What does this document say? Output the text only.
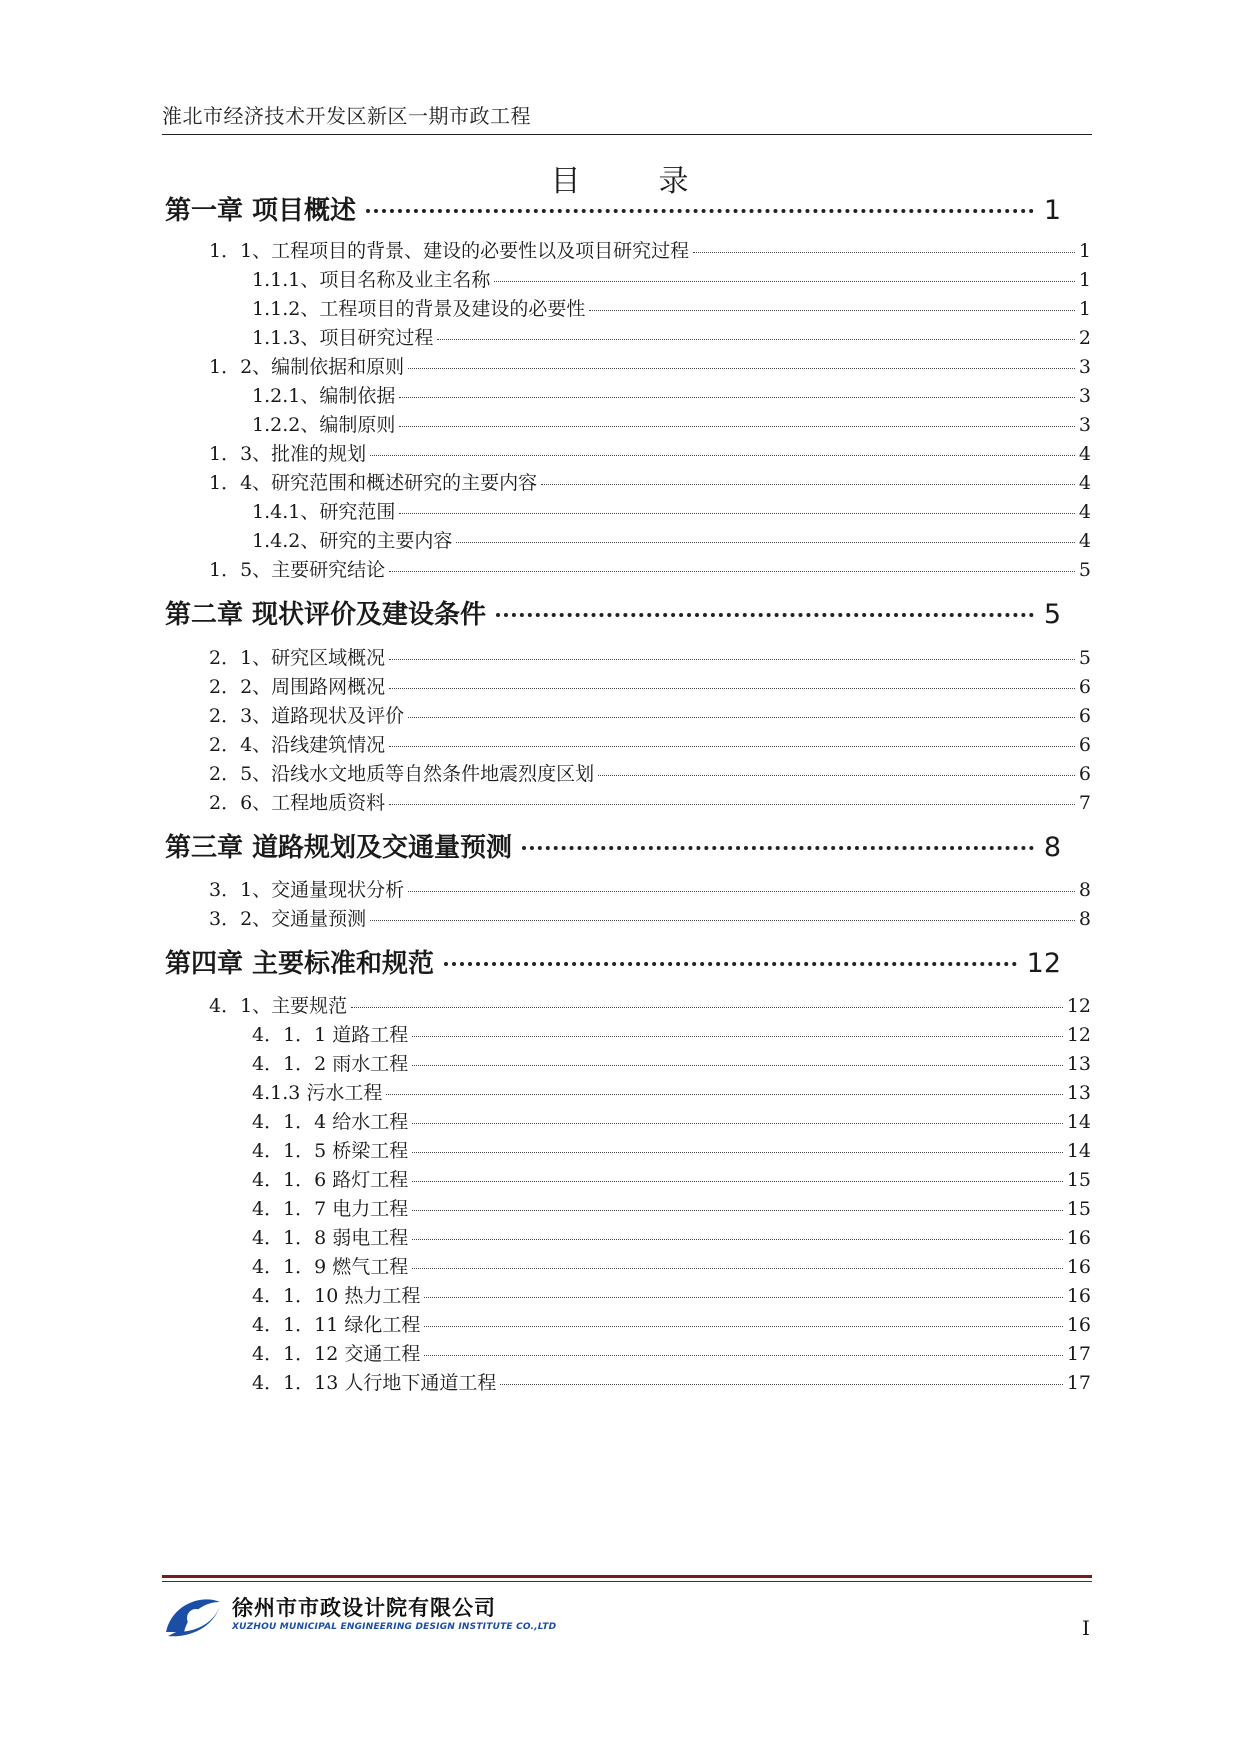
淮北市经济技术开发区新区一期市政工程
目	录
第一章 项目概述	1
1．1、工程项目的背景、建设的必要性以及项目研究过程	1
1.1.1、项目名称及业主名称	1
1.1.2、工程项目的背景及建设的必要性	1
1.1.3、项目研究过程	2
1．2、编制依据和原则	3
1.2.1、编制依据	3
1.2.2、编制原则	3
1．3、批准的规划	4
1．4、研究范围和概述研究的主要内容	4
1.4.1、研究范围	4
1.4.2、研究的主要内容	4
1．5、主要研究结论	5
第二章 现状评价及建设条件	5
2．1、研究区域概况	5
2．2、周围路网概况	6
2．3、道路现状及评价	6
2．4、沿线建筑情况	6
2．5、沿线水文地质等自然条件地震烈度区划	6
2．6、工程地质资料	7
第三章 道路规划及交通量预测	8
3．1、交通量现状分析	8
3．2、交通量预测	8
第四章 主要标准和规范	12
4．1、主要规范	12
4．1．1 道路工程	12
4．1．2 雨水工程	13
4.1.3 污水工程	13
4．1．4 给水工程	14
4．1．5 桥梁工程	14
4．1．6 路灯工程	15
4．1．7 电力工程	15
4．1．8 弱电工程	16
4．1．9 燃气工程	16
4．1．10 热力工程	16
4．1．11 绿化工程	16
4．1．12 交通工程	17
4．1．13 人行地下通道工程	17
徐州市市政设计院有限公司
XUZHOU MUNICIPAL ENGINEERING DESIGN INSTITUTE CO.,LTD	I
